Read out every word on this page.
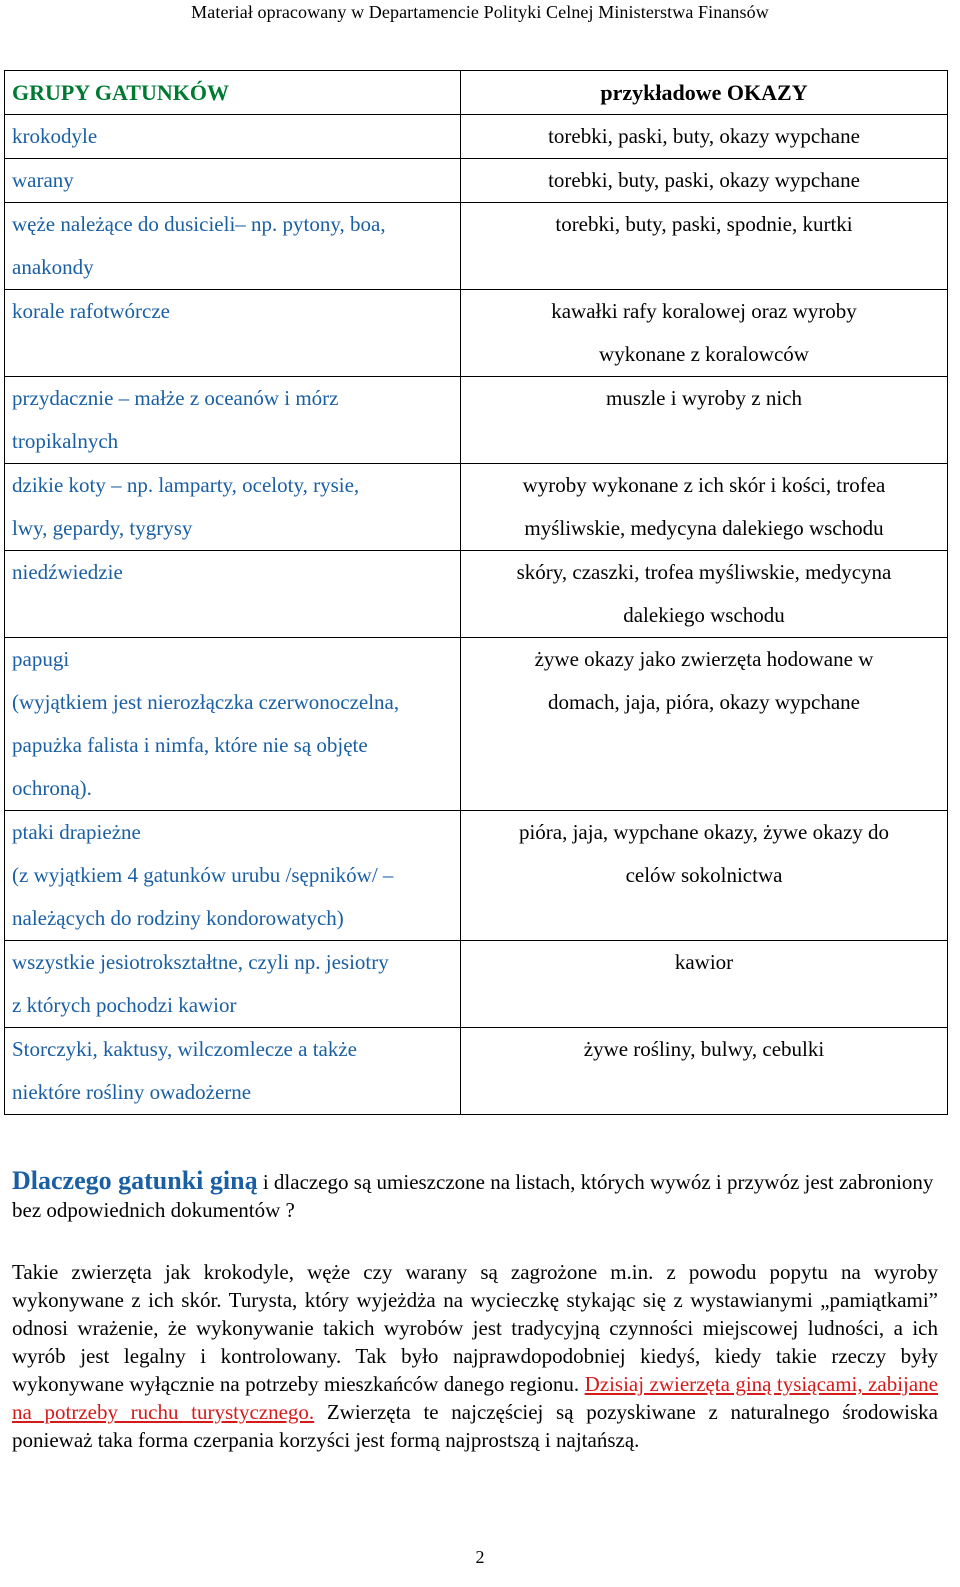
Materiał opracowany w Departamencie Polityki Celnej Ministerstwa Finansów
GRUPY GATUNKÓW	przykładowe OKAZY

krokodyle	torebki, paski, buty, okazy wypchane

warany	torebki, buty, paski, okazy wypchane

węże należące do dusicieli– np. pytony, boa,
anakondy	torebki, buty, paski, spodnie, kurtki

korale rafotwórcze	kawałki rafy koralowej oraz wyroby
wykonane z koralowców

przydacznie – małże z oceanów i mórz
tropikalnych	muszle i wyroby z nich

dzikie koty – np. lamparty, oceloty, rysie,
lwy, gepardy, tygrysy	wyroby wykonane z ich skór i kości, trofea
myśliwskie, medycyna dalekiego wschodu

niedźwiedzie	skóry, czaszki, trofea myśliwskie, medycyna
dalekiego wschodu

papugi
(wyjątkiem jest nierozłączka czerwonoczelna,
papużka falista i nimfa, które nie są objęte
ochroną).	żywe okazy jako zwierzęta hodowane w
domach, jaja, pióra, okazy wypchane

ptaki drapieżne
(z wyjątkiem 4 gatunków urubu /sępników/ –
należących do rodziny kondorowatych)	pióra, jaja, wypchane okazy, żywe okazy do
celów sokolnictwa

wszystkie jesiotrokształtne, czyli np. jesiotry
z których pochodzi kawior	kawior

Storczyki, kaktusy, wilczomlecze a także
niektóre rośliny owadożerne	żywe rośliny, bulwy, cebulki
Dlaczego gatunki giną i dlaczego są umieszczone na listach, których wywóz i przywóz jest zabroniony bez odpowiednich dokumentów ?
Takie zwierzęta jak krokodyle, węże czy warany są zagrożone m.in. z powodu popytu na wyroby wykonywane z ich skór. Turysta, który wyjeżdża na wycieczkę stykając się z wystawianymi „pamiątkami” odnosi wrażenie, że wykonywanie takich wyrobów jest tradycyjną czynności miejscowej ludności, a ich wyrób jest legalny i kontrolowany. Tak było najprawdopodobniej kiedyś, kiedy takie rzeczy były wykonywane wyłącznie na potrzeby mieszkańców danego regionu. Dzisiaj zwierzęta giną tysiącami, zabijane na potrzeby ruchu turystycznego. Zwierzęta te najczęściej są pozyskiwane z naturalnego środowiska ponieważ taka forma czerpania korzyści jest formą najprostszą i najtańszą.
2
